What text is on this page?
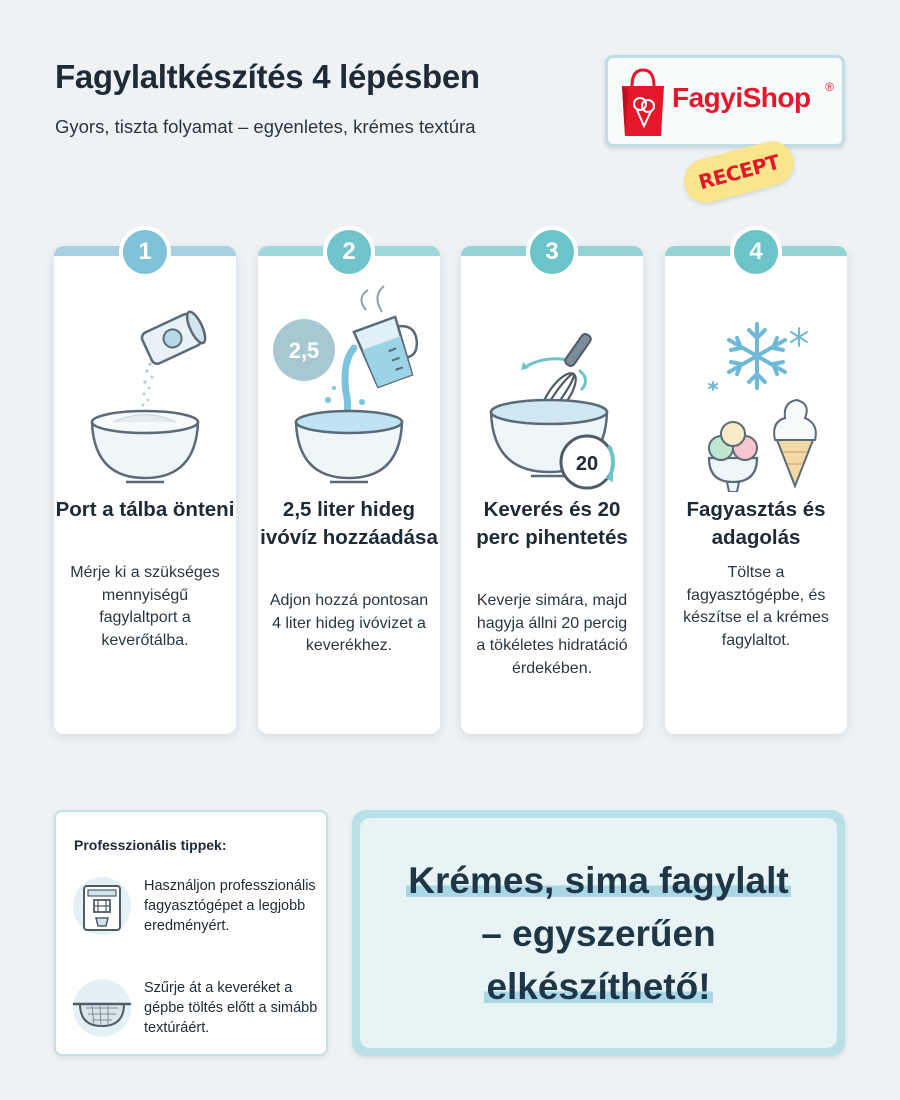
Fagylaltkészítés 4 lépésben
Gyors, tiszta folyamat – egyenletes, krémes textúra
FagyiShop ®
RECEPT
1
Port a tálba önteni
Mérje ki a szükséges mennyiségű fagylaltport a keverőtálba.
2
2,5
2,5 liter hideg ivóvíz hozzáadása
Adjon hozzá pontosan 4 liter hideg ivóvizet a keverékhez.
3
20
Keverés és 20 perc pihentetés
Keverje simára, majd hagyja állni 20 percig a tökéletes hidratáció érdekében.
4
Fagyasztás és adagolás
Töltse a fagyasztógépbe, és készítse el a krémes fagylaltot.
Professzionális tippek:
Használjon professzionális fagyasztógépet a legjobb eredményért.
Szűrje át a keveréket a gépbe töltés előtt a simább textúráért.
Krémes, sima fagylalt
– egyszerűen
elkészíthető!
